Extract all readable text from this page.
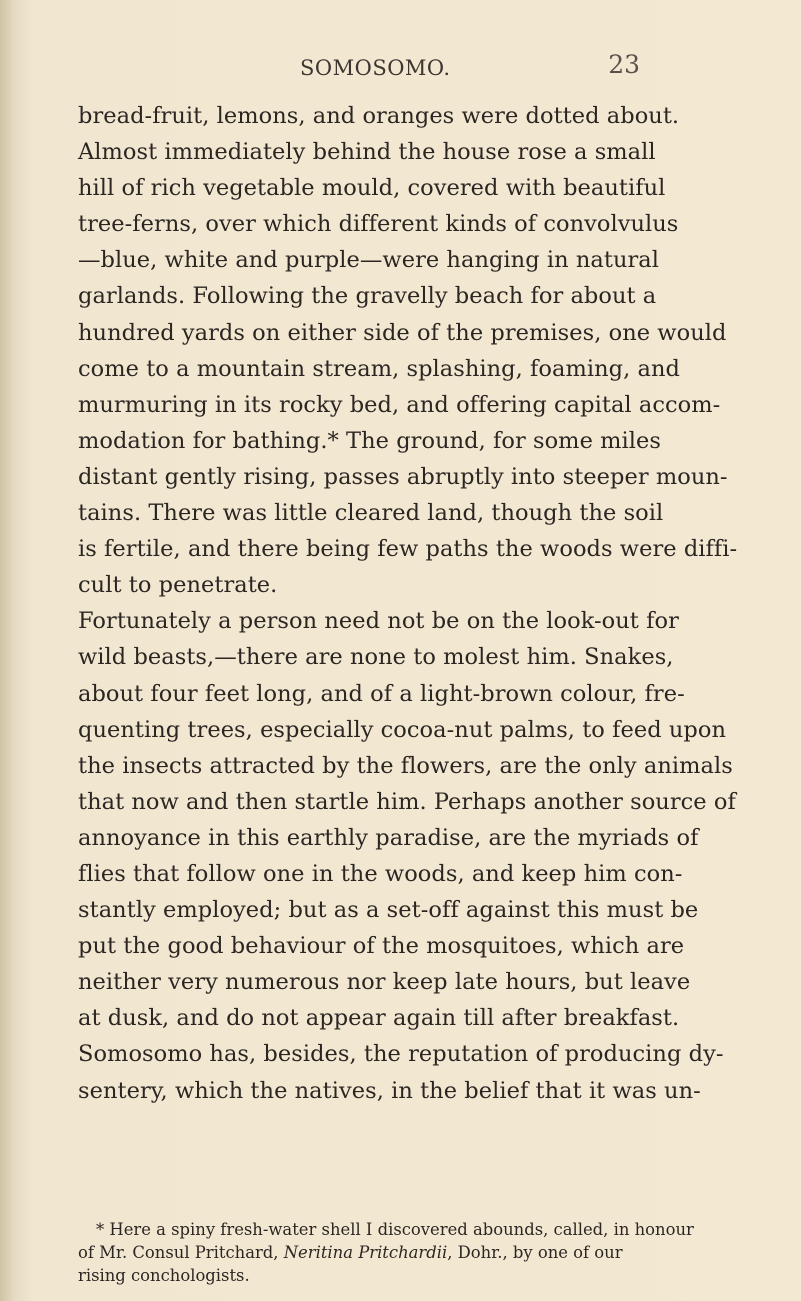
SOMOSOMO.	23
bread-fruit, lemons, and oranges were dotted about.
Almost immediately behind the house rose a small
hill of rich vegetable mould, covered with beautiful
tree-ferns, over which different kinds of convolvulus
—blue, white and purple—were hanging in natural
garlands. Following the gravelly beach for about a
hundred yards on either side of the premises, one would
come to a mountain stream, splashing, foaming, and
murmuring in its rocky bed, and offering capital accom-
modation for bathing.* The ground, for some miles
distant gently rising, passes abruptly into steeper moun-
tains. There was little cleared land, though the soil
is fertile, and there being few paths the woods were diffi-
cult to penetrate.
Fortunately a person need not be on the look-out for
wild beasts,—there are none to molest him. Snakes,
about four feet long, and of a light-brown colour, fre-
quenting trees, especially cocoa-nut palms, to feed upon
the insects attracted by the flowers, are the only animals
that now and then startle him. Perhaps another source of
annoyance in this earthly paradise, are the myriads of
flies that follow one in the woods, and keep him con-
stantly employed; but as a set-off against this must be
put the good behaviour of the mosquitoes, which are
neither very numerous nor keep late hours, but leave
at dusk, and do not appear again till after breakfast.
Somosomo has, besides, the reputation of producing dy-
sentery, which the natives, in the belief that it was un-
* Here a spiny fresh-water shell I discovered abounds, called, in honour
of Mr. Consul Pritchard, Neritina Pritchardii, Dohr., by one of our
rising conchologists.
